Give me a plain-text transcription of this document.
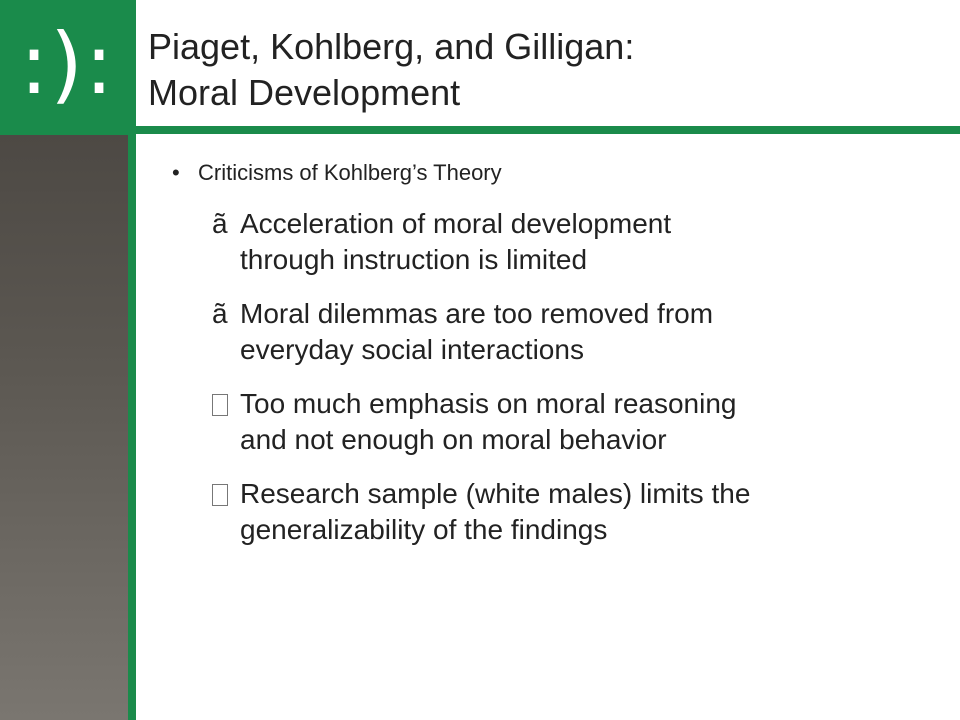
:): Piaget, Kohlberg, and Gilligan:
Moral Development
• Criticisms of Kohlberg’s Theory
ã Acceleration of moral development
through instruction is limited
ã Moral dilemmas are too removed from
everyday social interactions
Too much emphasis on moral reasoning
and not enough on moral behavior
Research sample (white males) limits the
generalizability of the findings
